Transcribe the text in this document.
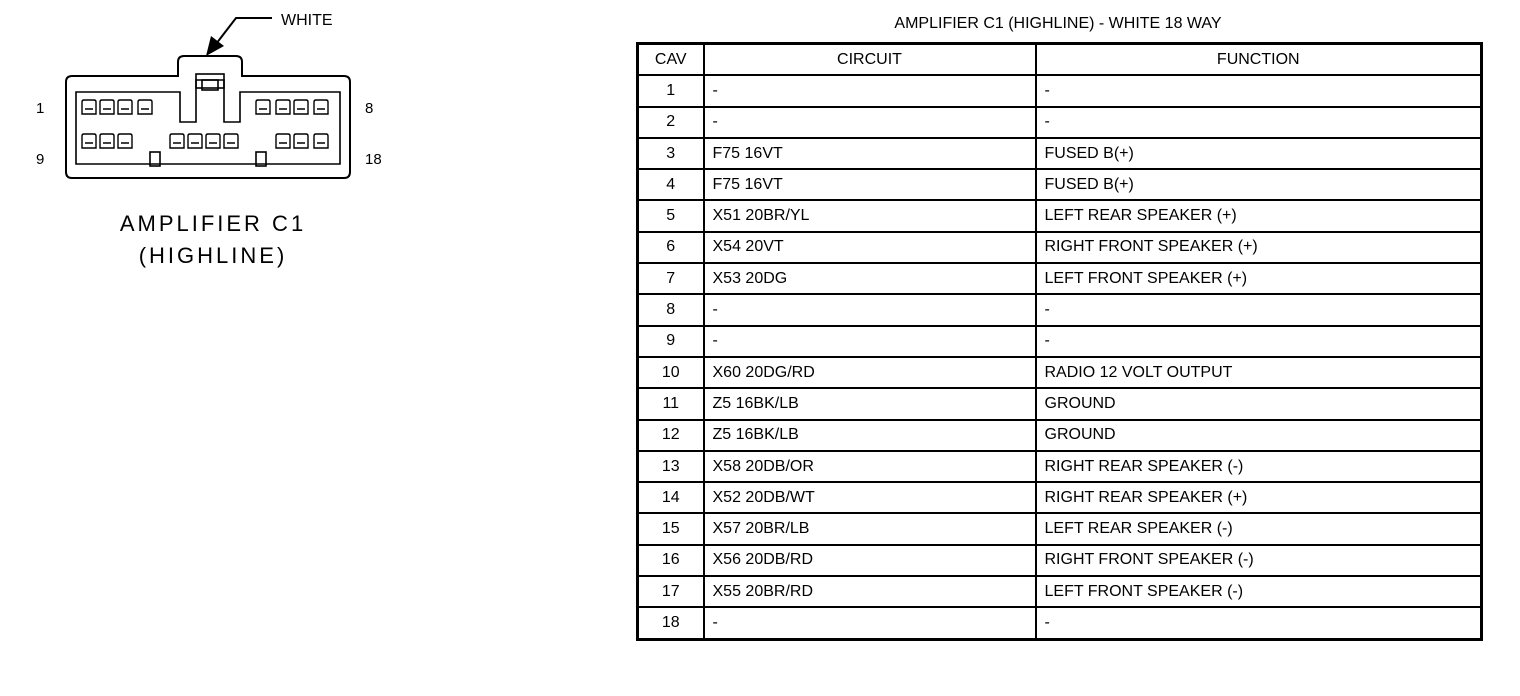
WHITE
1	8
9	18
AMPLIFIER C1
(HIGHLINE)
AMPLIFIER C1 (HIGHLINE) - WHITE 18 WAY
CAV	CIRCUIT	FUNCTION
1	-	-
2	-	-
3	F75 16VT	FUSED B(+)
4	F75 16VT	FUSED B(+)
5	X51 20BR/YL	LEFT REAR SPEAKER (+)
6	X54 20VT	RIGHT FRONT SPEAKER (+)
7	X53 20DG	LEFT FRONT SPEAKER (+)
8	-	-
9	-	-
10	X60 20DG/RD	RADIO 12 VOLT OUTPUT
11	Z5 16BK/LB	GROUND
12	Z5 16BK/LB	GROUND
13	X58 20DB/OR	RIGHT REAR SPEAKER (-)
14	X52 20DB/WT	RIGHT REAR SPEAKER (+)
15	X57 20BR/LB	LEFT REAR SPEAKER (-)
16	X56 20DB/RD	RIGHT FRONT SPEAKER (-)
17	X55 20BR/RD	LEFT FRONT SPEAKER (-)
18	-	-
